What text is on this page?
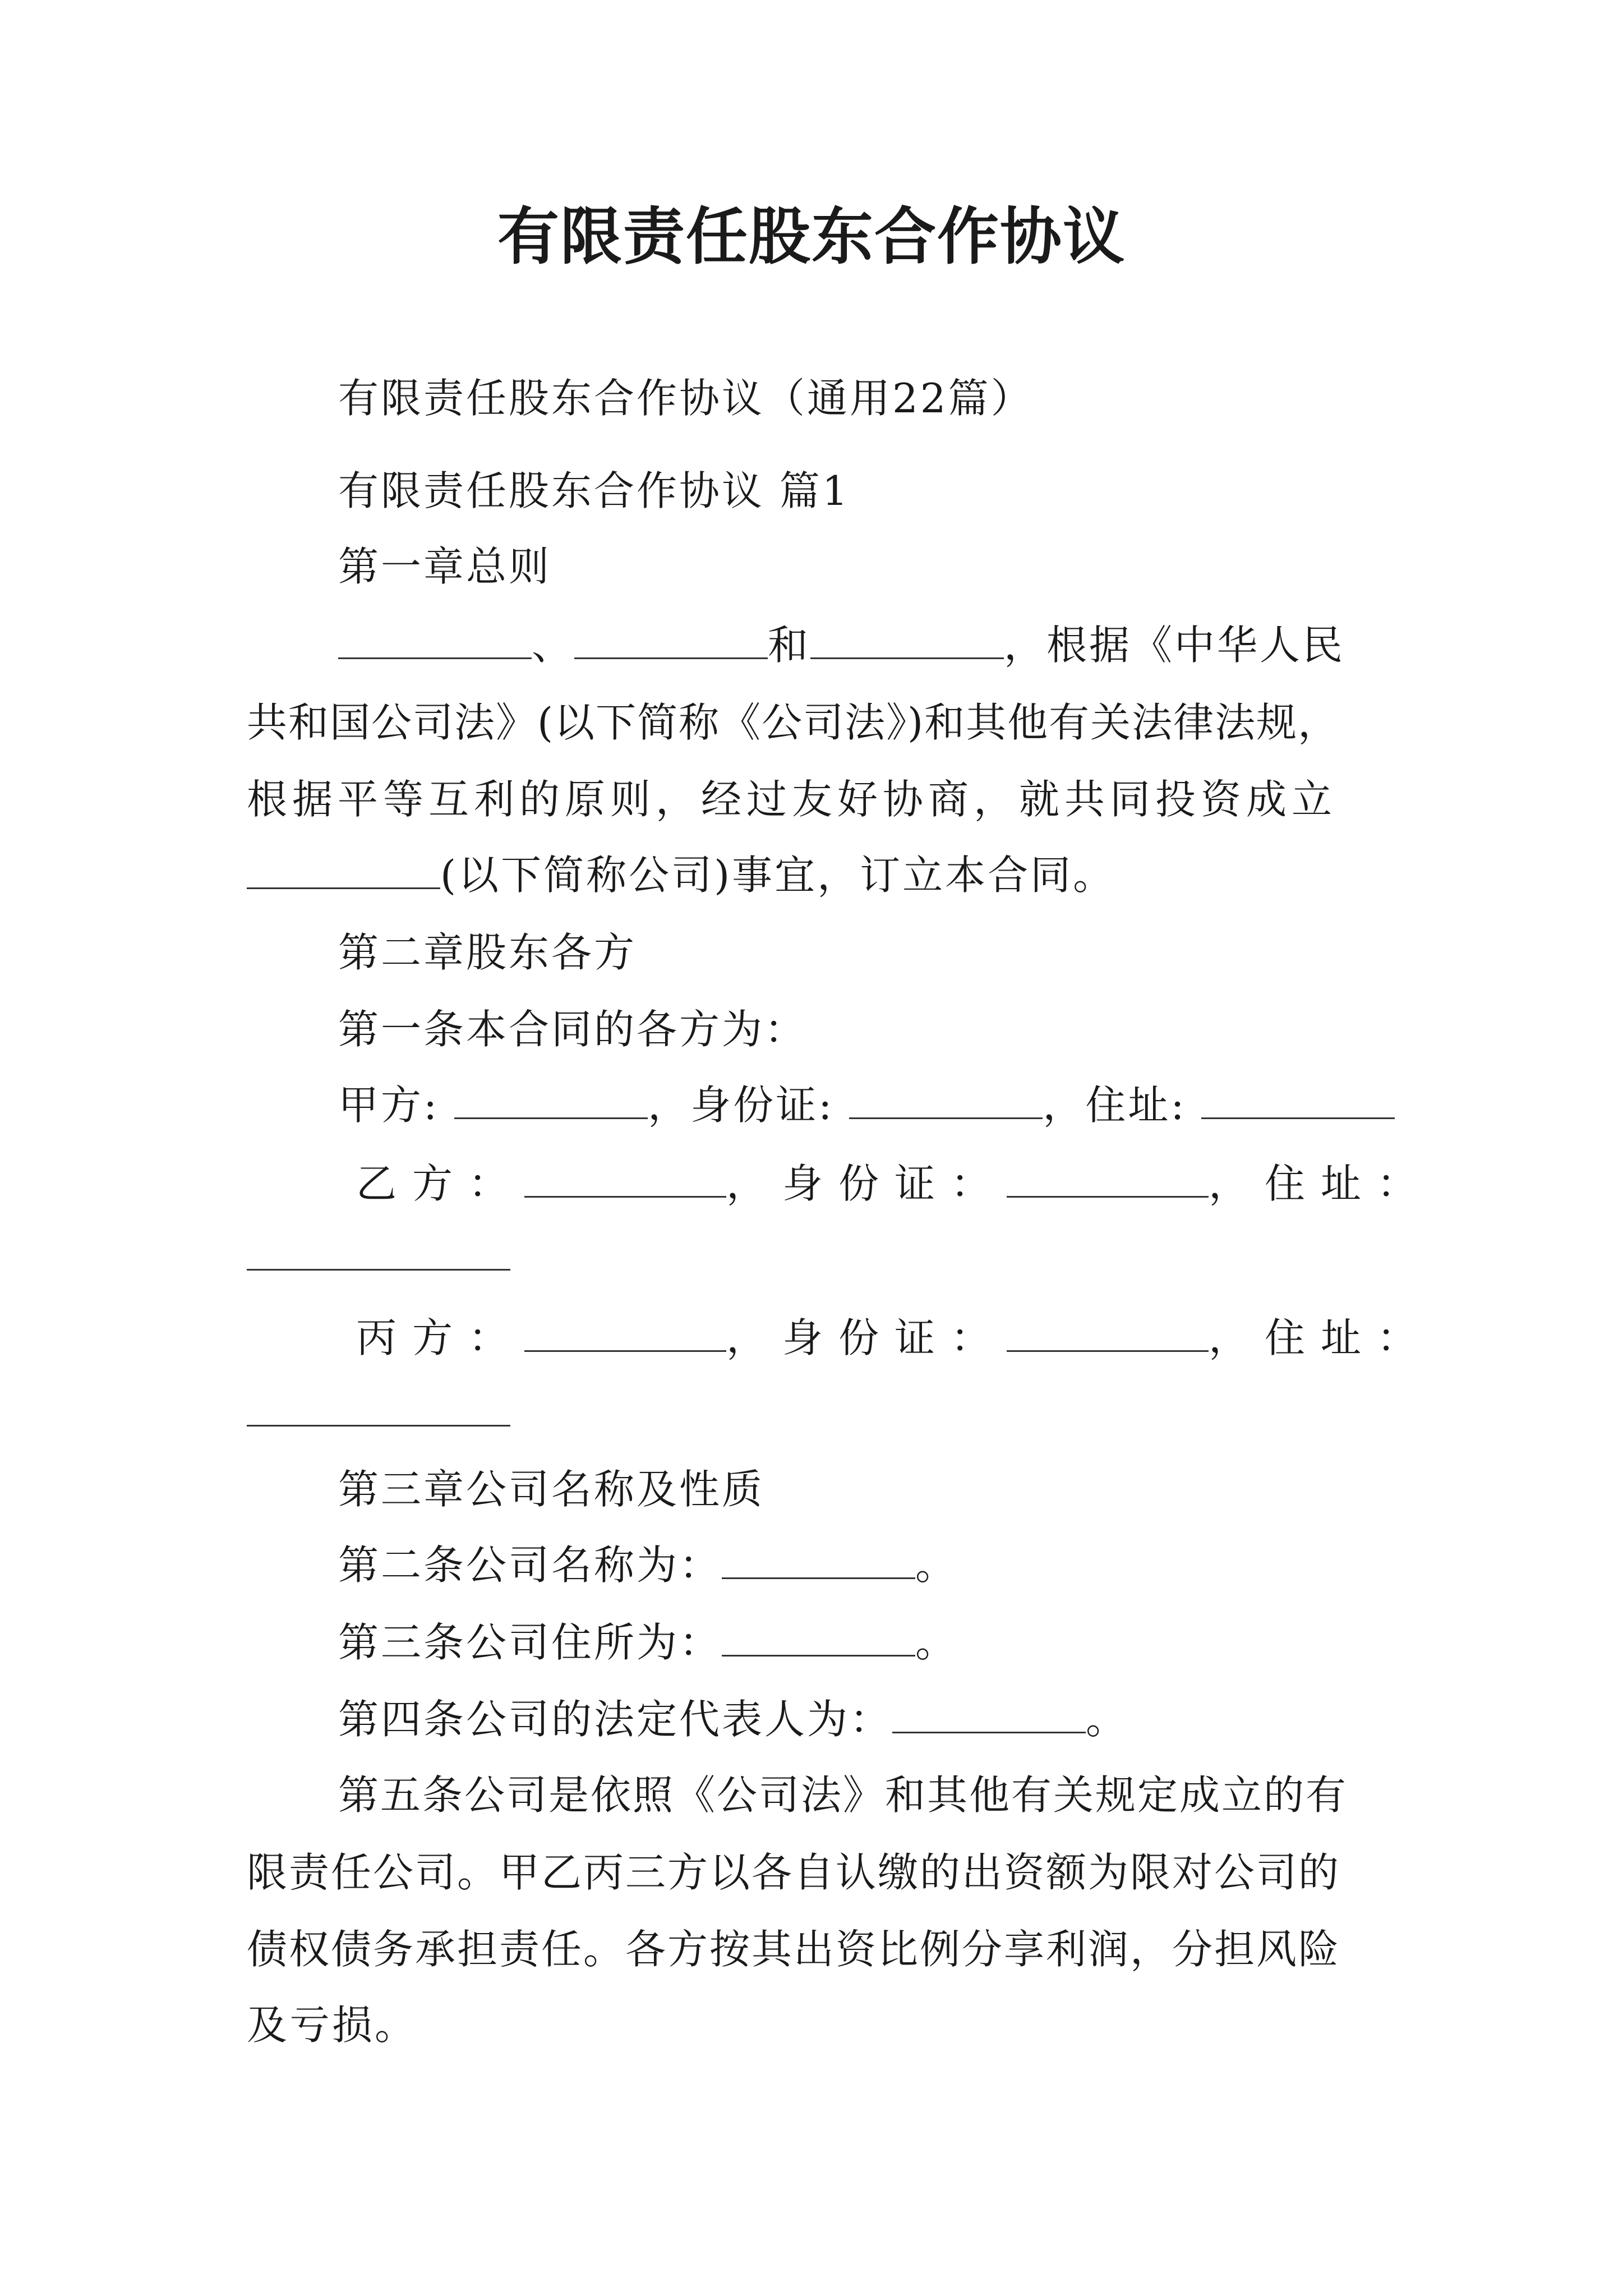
有限责任股东合作协议
有限责任股东合作协议（通用22篇）
有限责任股东合作协议 篇1
第一章总则
、	和	，根据《中华人民
共和国公司法》(以下简称《公司法》)和其他有关法律法规，
根据平等互利的原则，经过友好协商，就共同投资成立
(以下简称公司)事宜，订立本合同。
第二章股东各方
第一条本合同的各方为：
甲方:	，身份证:	，住址:
乙方：	，身份证：	，住址：
丙方：	，身份证：	，住址：
第三章公司名称及性质
第二条公司名称为：	。
第三条公司住所为：	。
第四条公司的法定代表人为：	。
第五条公司是依照《公司法》和其他有关规定成立的有
限责任公司。甲乙丙三方以各自认缴的出资额为限对公司的
债权债务承担责任。各方按其出资比例分享利润，分担风险
及亏损。
